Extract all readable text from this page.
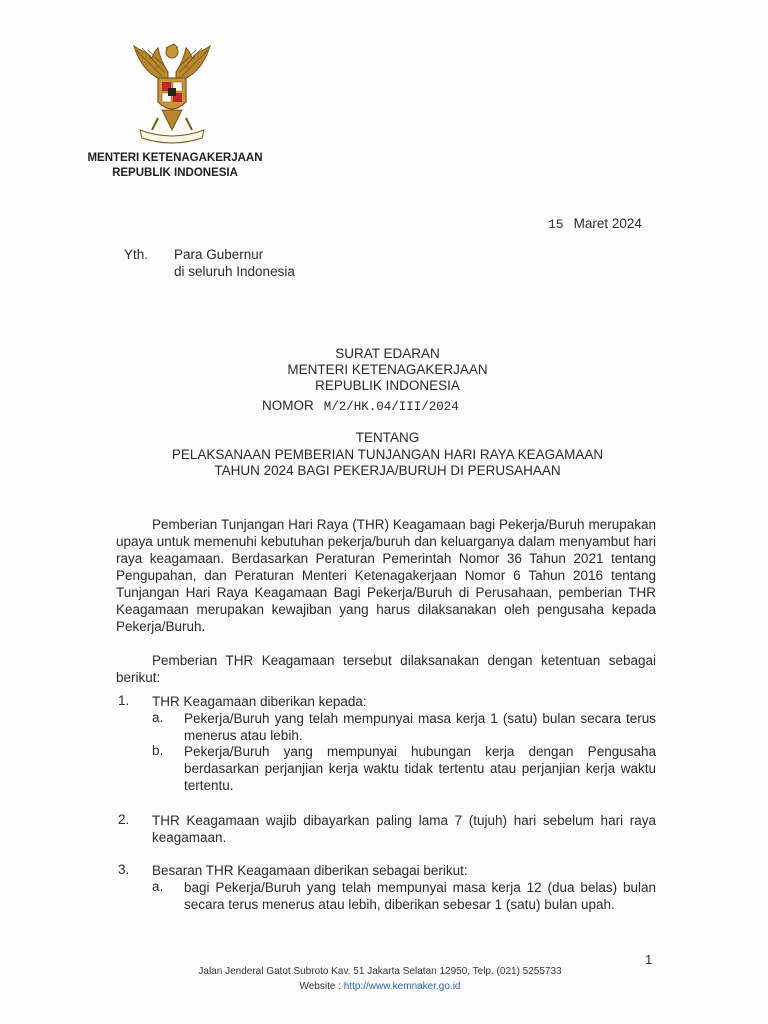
MENTERI KETENAGAKERJAAN
REPUBLIK INDONESIA
15 Maret 2024
Yth. Para Gubernur
di seluruh Indonesia
SURAT EDARAN
MENTERI KETENAGAKERJAAN
REPUBLIK INDONESIA
NOMOR M/2/HK.04/III/2024
TENTANG
PELAKSANAAN PEMBERIAN TUNJANGAN HARI RAYA KEAGAMAAN
TAHUN 2024 BAGI PEKERJA/BURUH DI PERUSAHAAN
Pemberian Tunjangan Hari Raya (THR) Keagamaan bagi Pekerja/Buruh merupakan upaya untuk memenuhi kebutuhan pekerja/buruh dan keluarganya dalam menyambut hari raya keagamaan. Berdasarkan Peraturan Pemerintah Nomor 36 Tahun 2021 tentang Pengupahan, dan Peraturan Menteri Ketenagakerjaan Nomor 6 Tahun 2016 tentang Tunjangan Hari Raya Keagamaan Bagi Pekerja/Buruh di Perusahaan, pemberian THR Keagamaan merupakan kewajiban yang harus dilaksanakan oleh pengusaha kepada Pekerja/Buruh.
Pemberian THR Keagamaan tersebut dilaksanakan dengan ketentuan sebagai berikut:
1. THR Keagamaan diberikan kepada:
a. Pekerja/Buruh yang telah mempunyai masa kerja 1 (satu) bulan secara terus menerus atau lebih.
b. Pekerja/Buruh yang mempunyai hubungan kerja dengan Pengusaha berdasarkan perjanjian kerja waktu tidak tertentu atau perjanjian kerja waktu tertentu.
2. THR Keagamaan wajib dibayarkan paling lama 7 (tujuh) hari sebelum hari raya keagamaan.
3. Besaran THR Keagamaan diberikan sebagai berikut:
a. bagi Pekerja/Buruh yang telah mempunyai masa kerja 12 (dua belas) bulan secara terus menerus atau lebih, diberikan sebesar 1 (satu) bulan upah.
1
Jalan Jenderal Gatot Subroto Kav. 51 Jakarta Selatan 12950, Telp. (021) 5255733
Website : http://www.kemnaker.go.id
